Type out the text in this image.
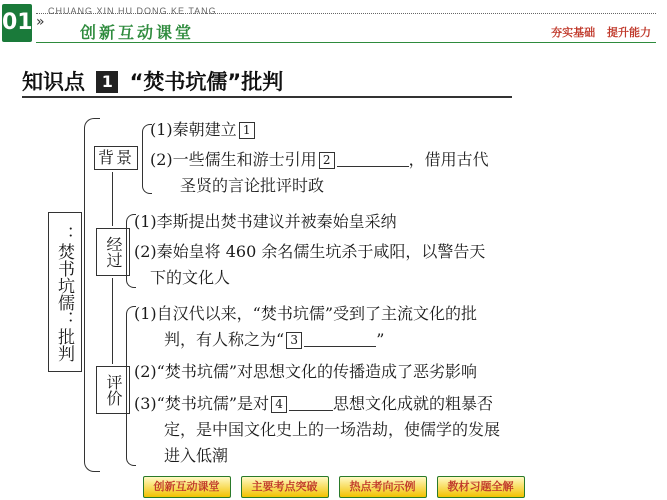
01 »
CHUANG XIN HU DONG KE TANG
创新互动课堂	夯实基础 提升能力
知识点 1 “焚书坑儒”批判
：焚书坑儒：批判
背景
经过
评价
(1)秦朝建立 1
(2)一些儒生和游士引用 2	，借用古代
圣贤的言论批评时政
(1)李斯提出焚书建议并被秦始皇采纳
(2)秦始皇将 460 余名儒生坑杀于咸阳，以警告天
下的文化人
(1)自汉代以来，“焚书坑儒”受到了主流文化的批
判，有人称之为“ 3	”
(2)“焚书坑儒”对思想文化的传播造成了恶劣影响
(3)“焚书坑儒”是对 4	思想文化成就的粗暴否
定，是中国文化史上的一场浩劫，使儒学的发展
进入低潮
创新互动课堂	主要考点突破	热点考向示例	教材习题全解
